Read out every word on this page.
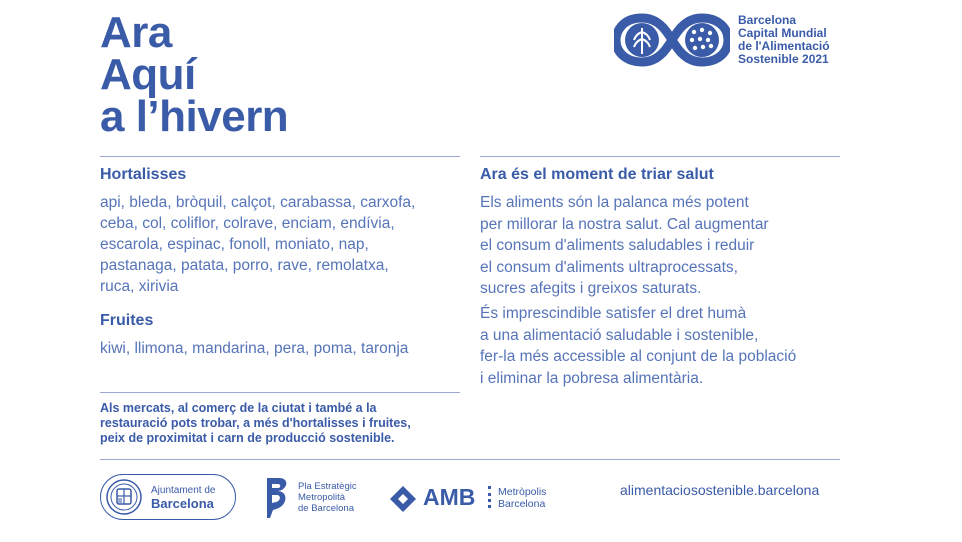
Ara
Aquí
a l’hivern
Barcelona
Capital Mundial
de l'Alimentació
Sostenible 2021
Hortalisses
api, bleda, bròquil, calçot, carabassa, carxofa,
ceba, col, coliflor, colrave, enciam, endívia,
escarola, espinac, fonoll, moniato, nap,
pastanaga, patata, porro, rave, remolatxa,
ruca, xirivia
Fruites
kiwi, llimona, mandarina, pera, poma, taronja
Ara és el moment de triar salut
Els aliments són la palanca més potent
per millorar la nostra salut. Cal augmentar
el consum d'aliments saludables i reduir
el consum d'aliments ultraprocessats,
sucres afegits i greixos saturats.
És imprescindible satisfer el dret humà
a una alimentació saludable i sostenible,
fer-la més accessible al conjunt de la població
i eliminar la pobresa alimentària.
Als mercats, al comerç de la ciutat i també a la
restauració pots trobar, a més d'hortalisses i fruites,
peix de proximitat i carn de producció sostenible.
Ajuntament de
Barcelona
Pla Estratègic
Metropolità
de Barcelona	AMB Metròpolis
Barcelona
alimentaciosostenible.barcelona
